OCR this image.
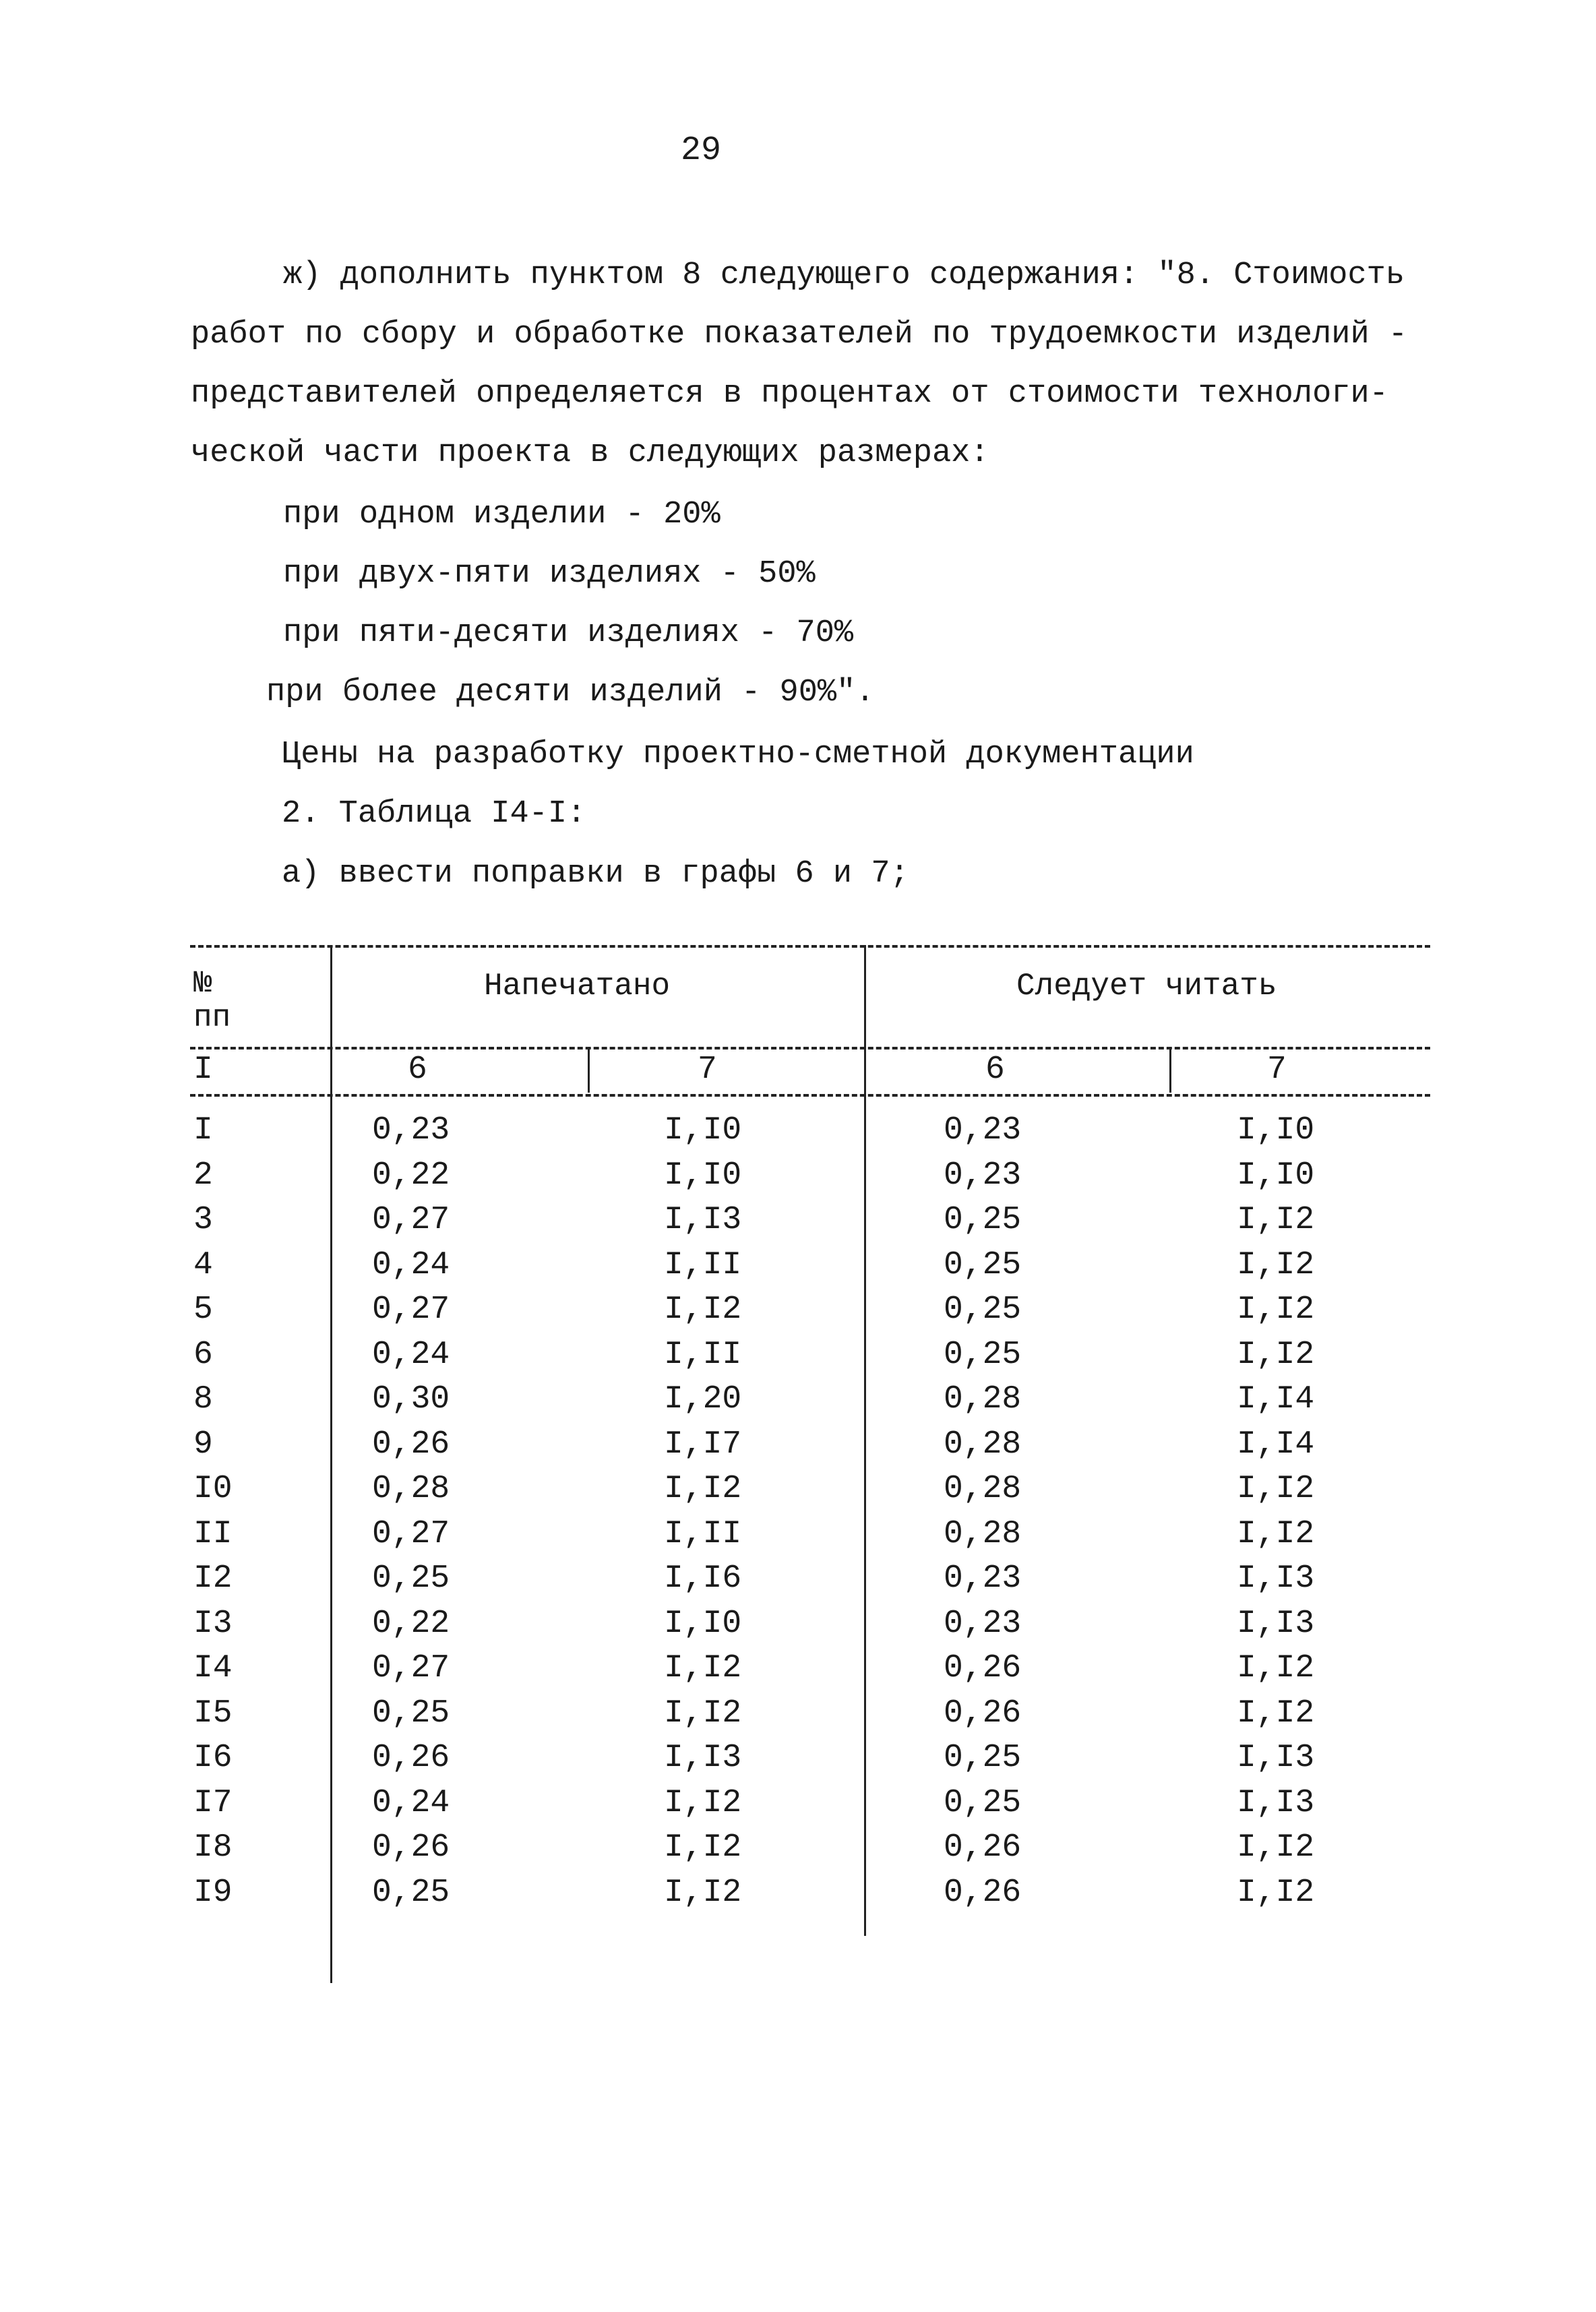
29
ж) дополнить пунктом 8 следующего содержания: "8. Стоимость
работ по сбору и обработке показателей по трудоемкости изделий -
представителей определяется в процентах от стоимости технологи-
ческой части проекта в следующих размерах:
при одном изделии - 20%
при двух-пяти изделиях - 50%
при пяти-десяти изделиях - 70%
при более десяти изделий - 90%".
Цены на разработку проектно-сметной документации
2. Таблица I4-I:
а) ввести поправки в графы 6 и 7;
№
пп
Напечатано	Следует читать
I	6	7	6	7
I	0,23	I,I0	0,23	I,I0
2	0,22	I,I0	0,23	I,I0
3	0,27	I,I3	0,25	I,I2
4	0,24	I,II	0,25	I,I2
5	0,27	I,I2	0,25	I,I2
6	0,24	I,II	0,25	I,I2
8	0,30	I,20	0,28	I,I4
9	0,26	I,I7	0,28	I,I4
I0	0,28	I,I2	0,28	I,I2
II	0,27	I,II	0,28	I,I2
I2	0,25	I,I6	0,23	I,I3
I3	0,22	I,I0	0,23	I,I3
I4	0,27	I,I2	0,26	I,I2
I5	0,25	I,I2	0,26	I,I2
I6	0,26	I,I3	0,25	I,I3
I7	0,24	I,I2	0,25	I,I3
I8	0,26	I,I2	0,26	I,I2
I9	0,25	I,I2	0,26	I,I2
